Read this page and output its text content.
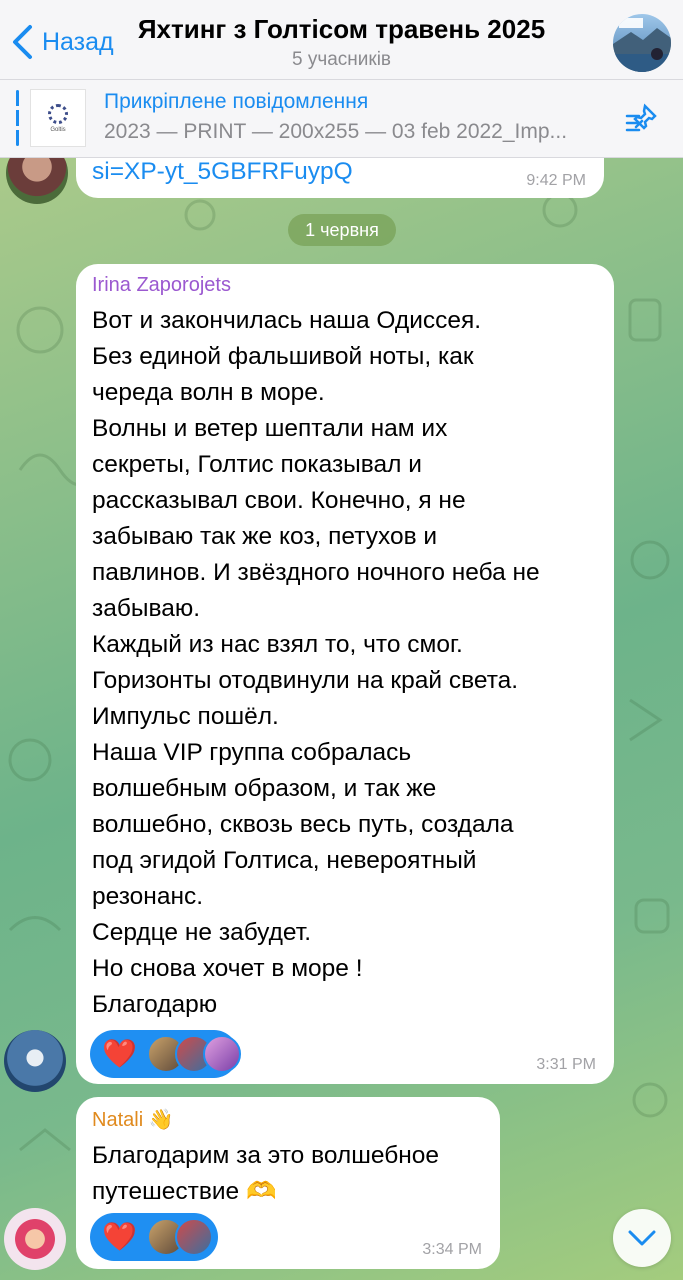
Назад Яхтинг з Голтісом травень 2025
5 учасників
Goltis
Прикріплене повідомлення
2023 — PRINT — 200x255 — 03 feb 2022_Imp...
si=XP-yt_5GBFRFuypQ	9:42 PM
1 червня
Irina Zaporojets
Вот и закончилась наша Одиссея.
Без единой фальшивой ноты, как
череда волн в море.
Волны и ветер шептали нам их
секреты, Голтис показывал и
рассказывал свои. Конечно, я не
забываю так же коз, петухов и
павлинов. И звёздного ночного неба не
забываю.
Каждый из нас взял то, что смог.
Горизонты отодвинули на край света.
Импульс пошёл.
Наша VIP группа собралась
волшебным образом, и так же
волшебно, сквозь весь путь, создала
под эгидой Голтиса, невероятный
резонанс.
Сердце не забудет.
Но снова хочет в море !
Благодарю
❤️	3:31 PM
Natali 👋
Благодарим за это волшебное
путешествие 🫶
❤️	3:34 PM
